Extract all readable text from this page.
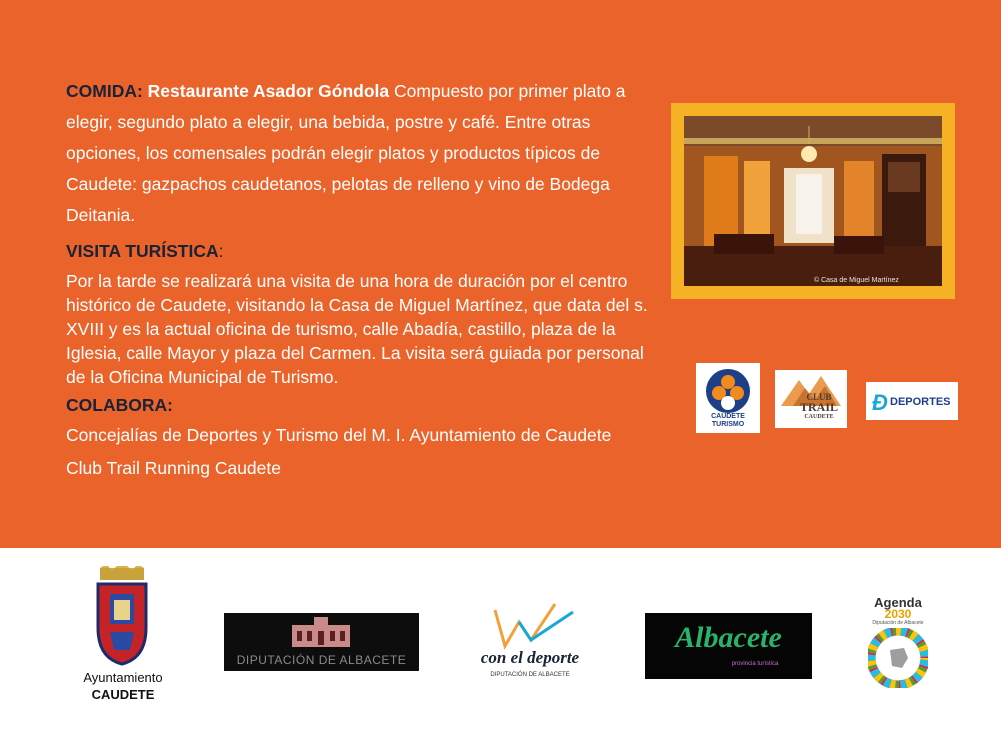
COMIDA: Restaurante Asador Góndola Compuesto por primer plato a elegir, segundo plato a elegir, una bebida, postre y café. Entre otras opciones, los comensales podrán elegir platos y productos típicos de Caudete: gazpachos caudetanos, pelotas de relleno y vino de Bodega Deitania.

VISITA TURÍSTICA:

Por la tarde se realizará una visita de una hora de duración por el centro histórico de Caudete, visitando la Casa de Miguel Martínez, que data del s. XVIII y es la actual oficina de turismo, calle Abadía, castillo, plaza de la Iglesia, calle Mayor y plaza del Carmen. La visita será guiada por personal de la Oficina Municipal de Turismo.

COLABORA:

Concejalías de Deportes y Turismo del M. I. Ayuntamiento de Caudete

Club Trail Running Caudete

© Casa de Miguel Martínez
CAUDETE
TURISMO
CLUB
TRAIL
CAUDETE
Đ DEPORTES
Ayuntamiento
CAUDETE
DIPUTACIÓN DE ALBACETE	con el deporte
DIPUTACIÓN DE ALBACETE
Albacete
provincia turística
Agenda
2030
Diputación de Albacete
